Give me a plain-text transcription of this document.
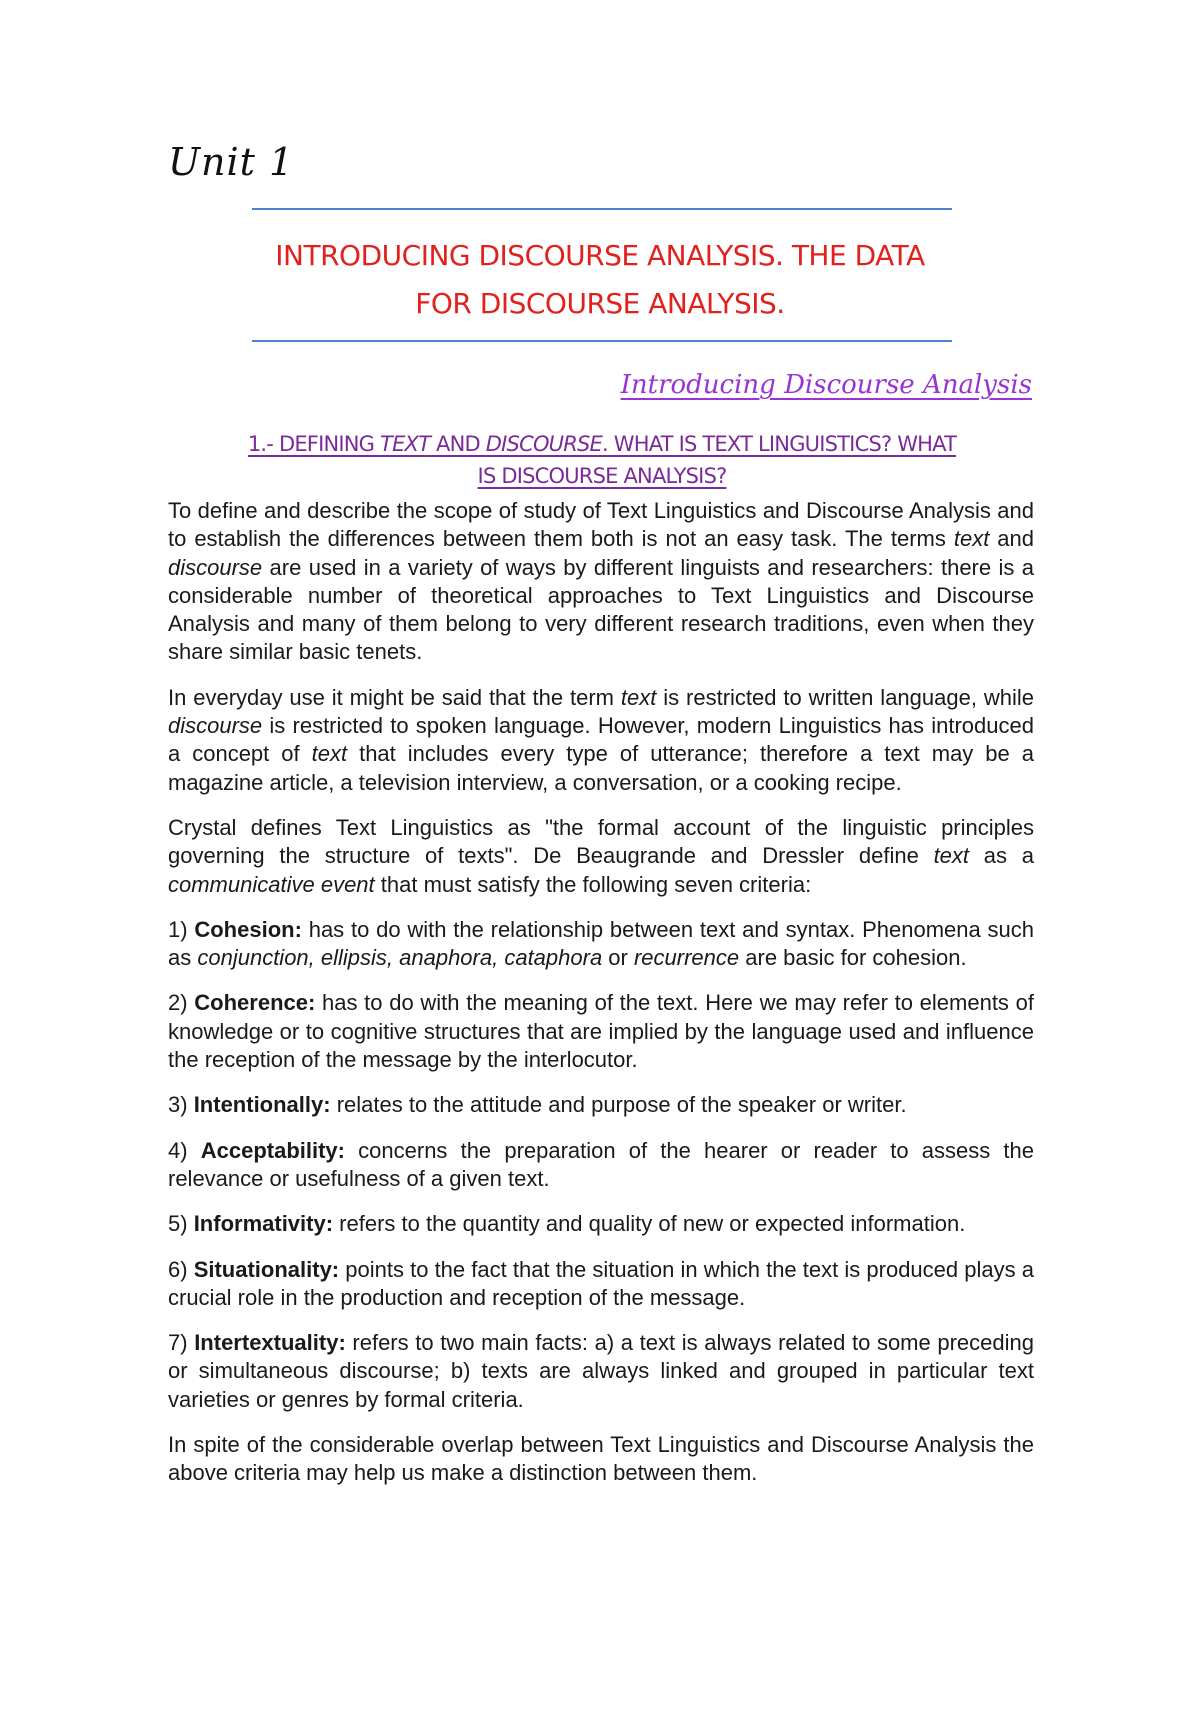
Unit 1
INTRODUCING DISCOURSE ANALYSIS. THE DATA
FOR DISCOURSE ANALYSIS.
Introducing Discourse Analysis
1.- DEFINING TEXT AND DISCOURSE. WHAT IS TEXT LINGUISTICS? WHAT
IS DISCOURSE ANALYSIS?

To define and describe the scope of study of Text Linguistics and Discourse Analysis and to establish the differences between them both is not an easy task. The terms text and discourse are used in a variety of ways by different linguists and researchers: there is a considerable number of theoretical approaches to Text Linguistics and Discourse Analysis and many of them belong to very different research traditions, even when they share similar basic tenets.

In everyday use it might be said that the term text is restricted to written language, while discourse is restricted to spoken language. However, modern Linguistics has introduced a concept of text that includes every type of utterance; therefore a text may be a magazine article, a television interview, a conversation, or a cooking recipe.

Crystal defines Text Linguistics as "the formal account of the linguistic principles governing the structure of texts". De Beaugrande and Dressler define text as a communicative event that must satisfy the following seven criteria:

1) Cohesion: has to do with the relationship between text and syntax. Phenomena such as conjunction, ellipsis, anaphora, cataphora or recurrence are basic for cohesion.

2) Coherence: has to do with the meaning of the text. Here we may refer to elements of knowledge or to cognitive structures that are implied by the language used and influence the reception of the message by the interlocutor.

3) Intentionally: relates to the attitude and purpose of the speaker or writer.

4) Acceptability: concerns the preparation of the hearer or reader to assess the relevance or usefulness of a given text.

5) Informativity: refers to the quantity and quality of new or expected information.

6) Situationality: points to the fact that the situation in which the text is produced plays a crucial role in the production and reception of the message.

7) Intertextuality: refers to two main facts: a) a text is always related to some preceding or simultaneous discourse; b) texts are always linked and grouped in particular text varieties or genres by formal criteria.

In spite of the considerable overlap between Text Linguistics and Discourse Analysis the above criteria may help us make a distinction between them.
